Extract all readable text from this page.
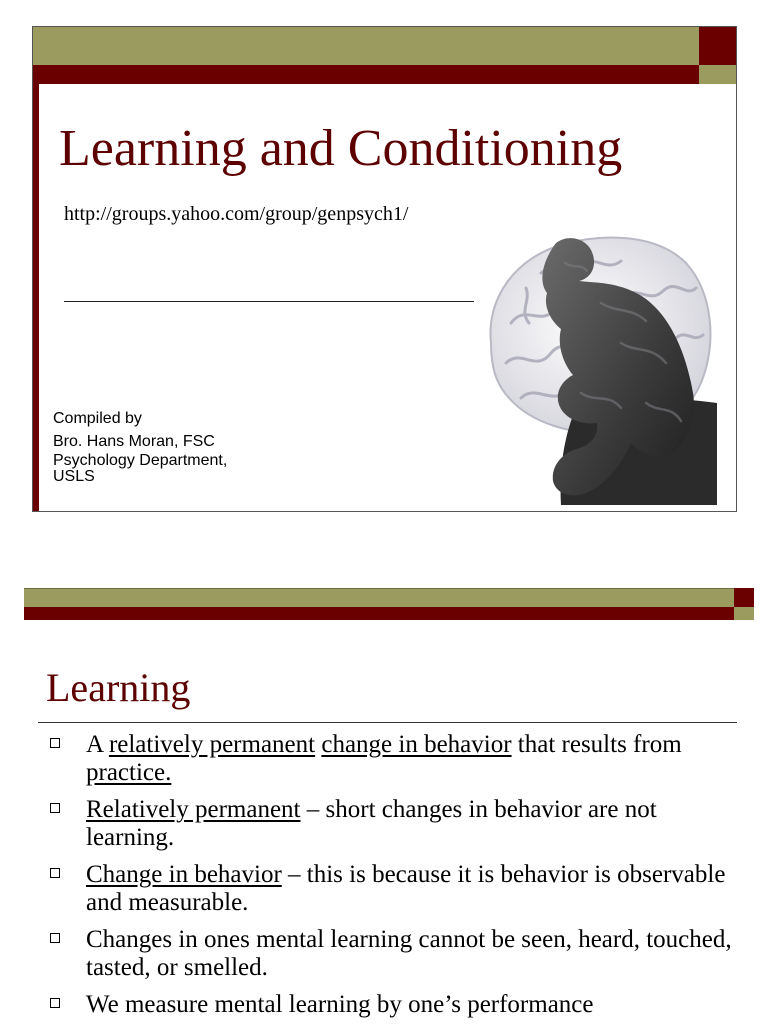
Learning and Conditioning
http://groups.yahoo.com/group/genpsych1/
Compiled by
Bro. Hans Moran, FSC
Psychology Department,
USLS
Learning
A relatively permanent change in behavior that results from practice.
Relatively permanent – short changes in behavior are not learning.
Change in behavior – this is because it is behavior is observable and measurable.
Changes in ones mental learning cannot be seen, heard, touched, tasted, or smelled.
We measure mental learning by one’s performance
